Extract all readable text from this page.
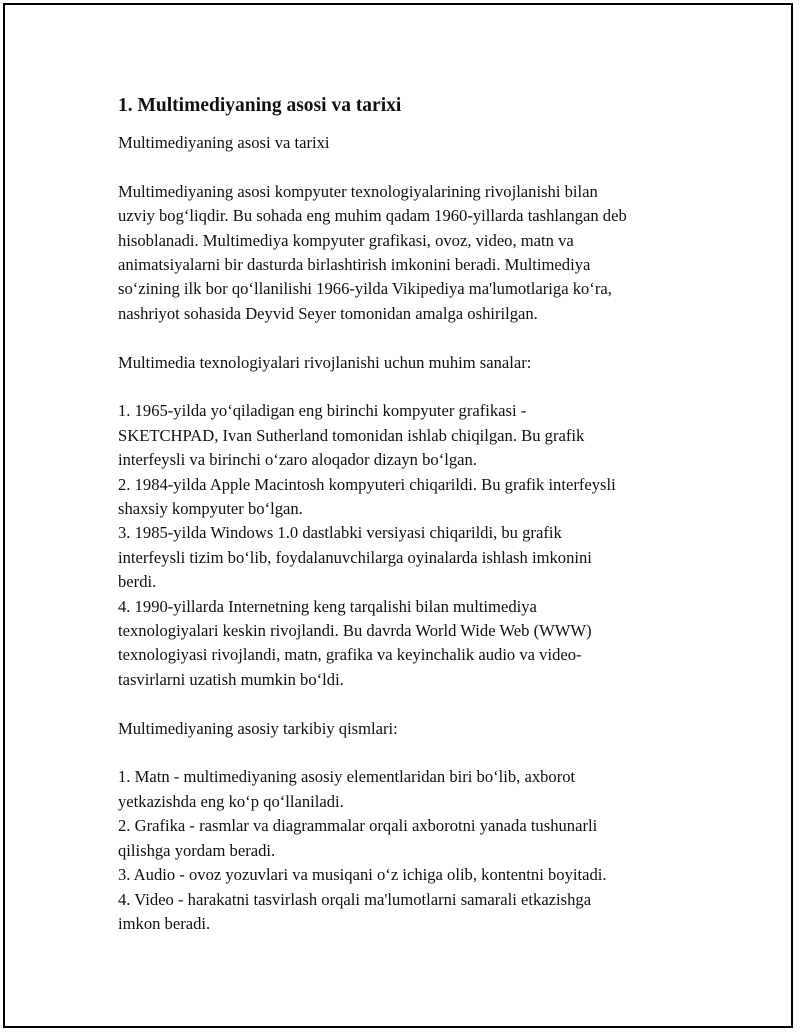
1. Multimediyaning asosi va tarixi

Multimediyaning asosi va tarixi

Multimediyaning asosi kompyuter texnologiyalarining rivojlanishi bilan
uzviy bog‘liqdir. Bu sohada eng muhim qadam 1960-yillarda tashlangan deb
hisoblanadi. Multimediya kompyuter grafikasi, ovoz, video, matn va
animatsiyalarni bir dasturda birlashtirish imkonini beradi. Multimediya
so‘zining ilk bor qo‘llanilishi 1966-yilda Vikipediya ma'lumotlariga ko‘ra,
nashriyot sohasida Deyvid Seyer tomonidan amalga oshirilgan.

Multimedia texnologiyalari rivojlanishi uchun muhim sanalar:

1. 1965-yilda yo‘qiladigan eng birinchi kompyuter grafikasi -
SKETCHPAD, Ivan Sutherland tomonidan ishlab chiqilgan. Bu grafik
interfeysli va birinchi o‘zaro aloqador dizayn bo‘lgan.
2. 1984-yilda Apple Macintosh kompyuteri chiqarildi. Bu grafik interfeysli
shaxsiy kompyuter bo‘lgan.
3. 1985-yilda Windows 1.0 dastlabki versiyasi chiqarildi, bu grafik
interfeysli tizim bo‘lib, foydalanuvchilarga oyinalarda ishlash imkonini
berdi.
4. 1990-yillarda Internetning keng tarqalishi bilan multimediya
texnologiyalari keskin rivojlandi. Bu davrda World Wide Web (WWW)
texnologiyasi rivojlandi, matn, grafika va keyinchalik audio va video-
tasvirlarni uzatish mumkin bo‘ldi.

Multimediyaning asosiy tarkibiy qismlari:

1. Matn - multimediyaning asosiy elementlaridan biri bo‘lib, axborot
yetkazishda eng ko‘p qo‘llaniladi.
2. Grafika - rasmlar va diagrammalar orqali axborotni yanada tushunarli
qilishga yordam beradi.
3. Audio - ovoz yozuvlari va musiqani o‘z ichiga olib, kontentni boyitadi.
4. Video - harakatni tasvirlash orqali ma'lumotlarni samarali etkazishga
imkon beradi.
